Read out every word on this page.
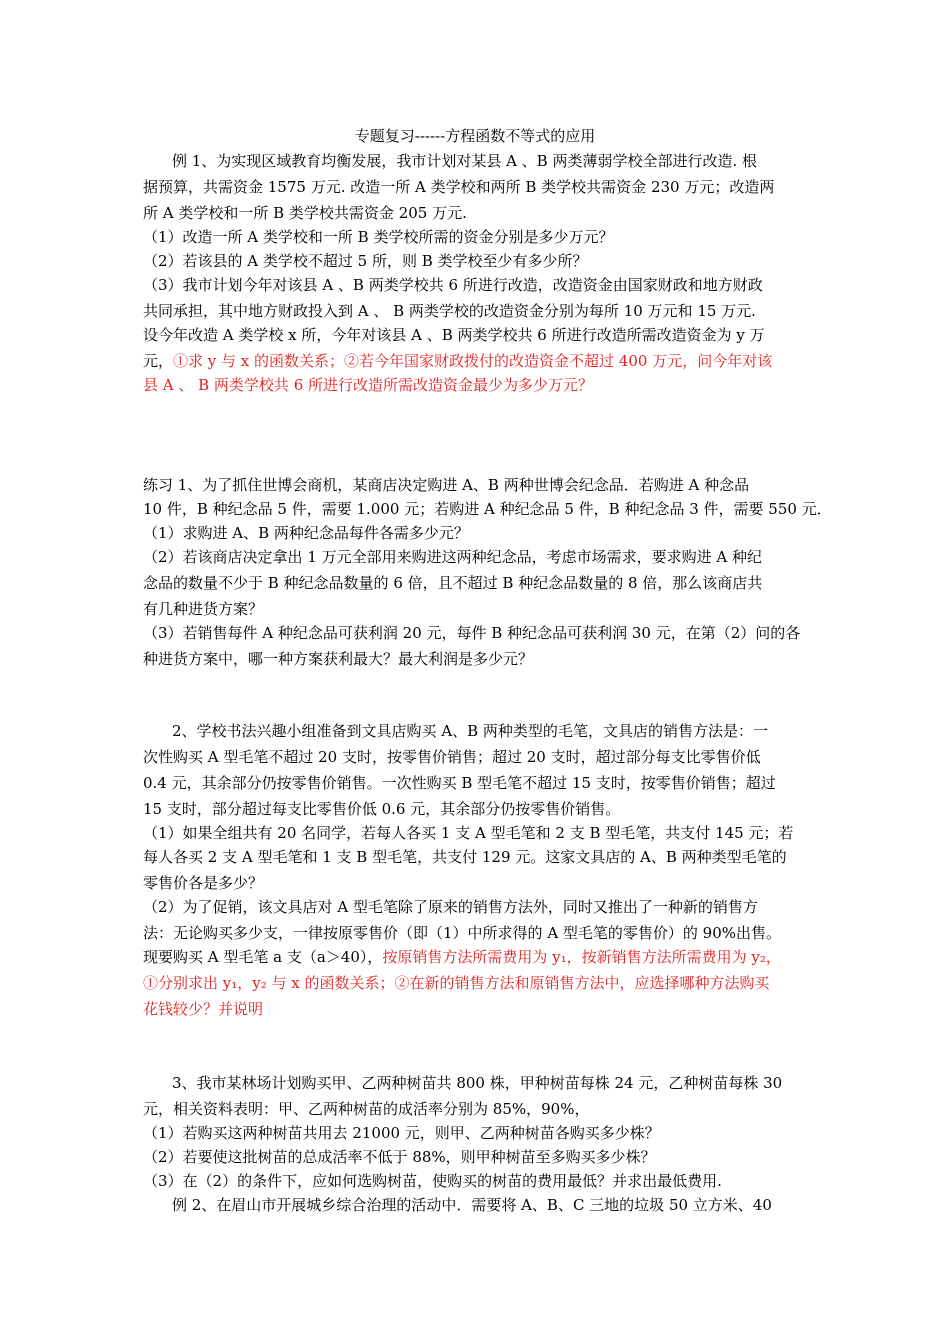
专题复习------方程函数不等式的应用
例 1、为实现区域教育均衡发展，我市计划对某县 A 、B 两类薄弱学校全部进行改造. 根
据预算，共需资金 1575 万元. 改造一所 A 类学校和两所 B 类学校共需资金 230 万元；改造两
所 A 类学校和一所 B 类学校共需资金 205 万元.
（1）改造一所 A 类学校和一所 B 类学校所需的资金分别是多少万元？
（2）若该县的 A 类学校不超过 5 所，则 B 类学校至少有多少所？
（3）我市计划今年对该县 A 、B 两类学校共 6 所进行改造，改造资金由国家财政和地方财政
共同承担，其中地方财政投入到 A 、 B 两类学校的改造资金分别为每所 10 万元和 15 万元.
设今年改造 A 类学校 x 所，今年对该县 A 、B 两类学校共 6 所进行改造所需改造资金为 y 万
元，①求 y 与 x 的函数关系；②若今年国家财政拨付的改造资金不超过 400 万元，问今年对该
县 A 、 B 两类学校共 6 所进行改造所需改造资金最少为多少万元？
练习 1、为了抓住世博会商机，某商店决定购进 A、B 两种世博会纪念品．若购进 A 种念品
10 件，B 种纪念品 5 件，需要 1.000 元；若购进 A 种纪念品 5 件，B 种纪念品 3 件，需要 550 元．
（1）求购进 A、B 两种纪念品每件各需多少元？
（2）若该商店决定拿出 1 万元全部用来购进这两种纪念品，考虑市场需求，要求购进 A 种纪
念品的数量不少于 B 种纪念品数量的 6 倍，且不超过 B 种纪念品数量的 8 倍，那么该商店共
有几种进货方案？
（3）若销售每件 A 种纪念品可获利润 20 元，每件 B 种纪念品可获利润 30 元，在第（2）问的各
种进货方案中，哪一种方案获利最大？最大利润是多少元？
2、学校书法兴趣小组准备到文具店购买 A、B 两种类型的毛笔，文具店的销售方法是：一
次性购买 A 型毛笔不超过 20 支时，按零售价销售；超过 20 支时，超过部分每支比零售价低
0.4 元，其余部分仍按零售价销售。一次性购买 B 型毛笔不超过 15 支时，按零售价销售；超过
15 支时，部分超过每支比零售价低 0.6 元，其余部分仍按零售价销售。
（1）如果全组共有 20 名同学，若每人各买 1 支 A 型毛笔和 2 支 B 型毛笔，共支付 145 元；若
每人各买 2 支 A 型毛笔和 1 支 B 型毛笔，共支付 129 元。这家文具店的 A、B 两种类型毛笔的
零售价各是多少？
（2）为了促销，该文具店对 A 型毛笔除了原来的销售方法外，同时又推出了一种新的销售方
法：无论购买多少支，一律按原零售价（即（1）中所求得的 A 型毛笔的零售价）的 90%出售。
现要购买 A 型毛笔 a 支（a＞40），按原销售方法所需费用为 y₁，按新销售方法所需费用为 y₂，
①分别求出 y₁，y₂ 与 x 的函数关系；②在新的销售方法和原销售方法中，应选择哪种方法购买
花钱较少？并说明
3、我市某林场计划购买甲、乙两种树苗共 800 株，甲种树苗每株 24 元，乙种树苗每株 30
元，相关资料表明：甲、乙两种树苗的成活率分别为 85%，90%，
（1）若购买这两种树苗共用去 21000 元，则甲、乙两种树苗各购买多少株？
（2）若要使这批树苗的总成活率不低于 88%，则甲种树苗至多购买多少株？
（3）在（2）的条件下，应如何选购树苗，使购买的树苗的费用最低？并求出最低费用.
例 2、在眉山市开展城乡综合治理的活动中．需要将 A、B、C 三地的垃圾 50 立方米、40
